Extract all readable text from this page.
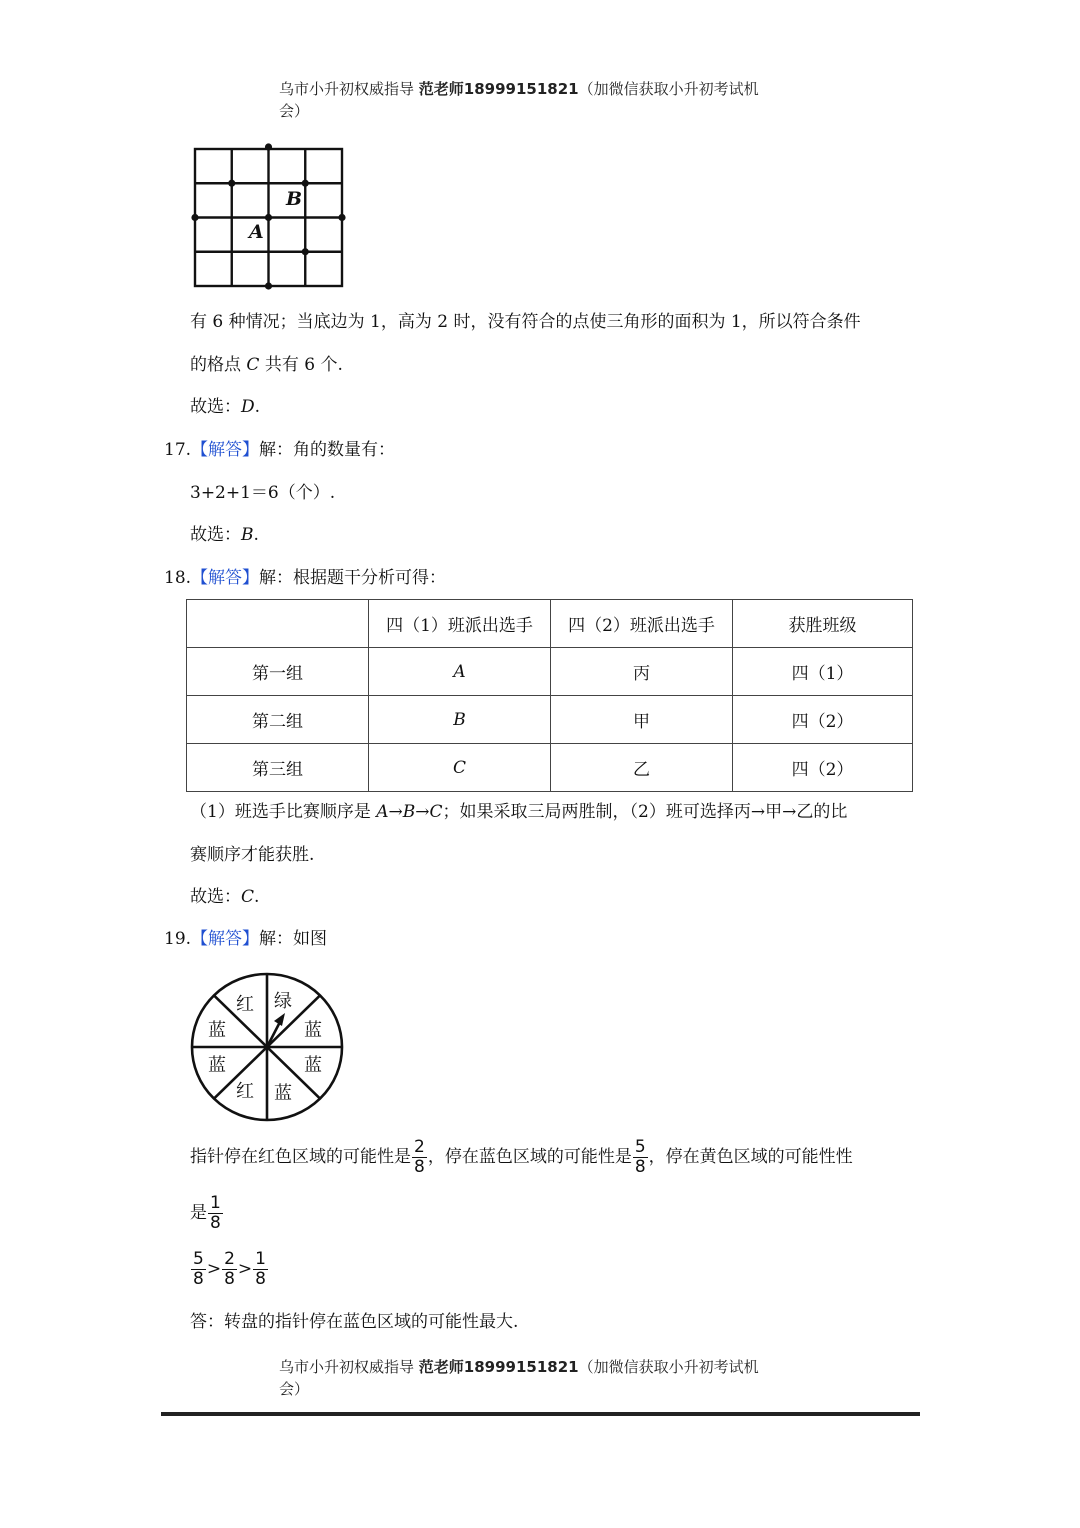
乌市小升初权威指导 范老师18999151821（加微信获取小升初考试机
会）
B
A
有 6 种情况；当底边为 1，高为 2 时，没有符合的点使三角形的面积为 1，所以符合条件
的格点 C 共有 6 个.
故选：D.
17.【解答】解：角的数量有：
3+2+1＝6（个）.
故选：B.
18.【解答】解：根据题干分析可得：
	四（1）班派出选手	四（2）班派出选手	获胜班级
第一组	A	丙	四（1）
第二组	B	甲	四（2）
第三组	C	乙	四（2）
（1）班选手比赛顺序是 A→B→C；如果采取三局两胜制，（2）班可选择丙→甲→乙的比
赛顺序才能获胜.
故选：C.
19.【解答】解：如图
绿
蓝
蓝
蓝
红
蓝
蓝
红
指针停在红色区域的可能性是 $\frac{2}{8}$ ，停在蓝色区域的可能性是 $\frac{5}{8}$ ，停在黄色区域的可能性性
是 $\frac{1}{8}$
$\frac{5}{8} > \frac{2}{8} > \frac{1}{8}$
答：转盘的指针停在蓝色区域的可能性最大.
乌市小升初权威指导 范老师18999151821（加微信获取小升初考试机
会）
